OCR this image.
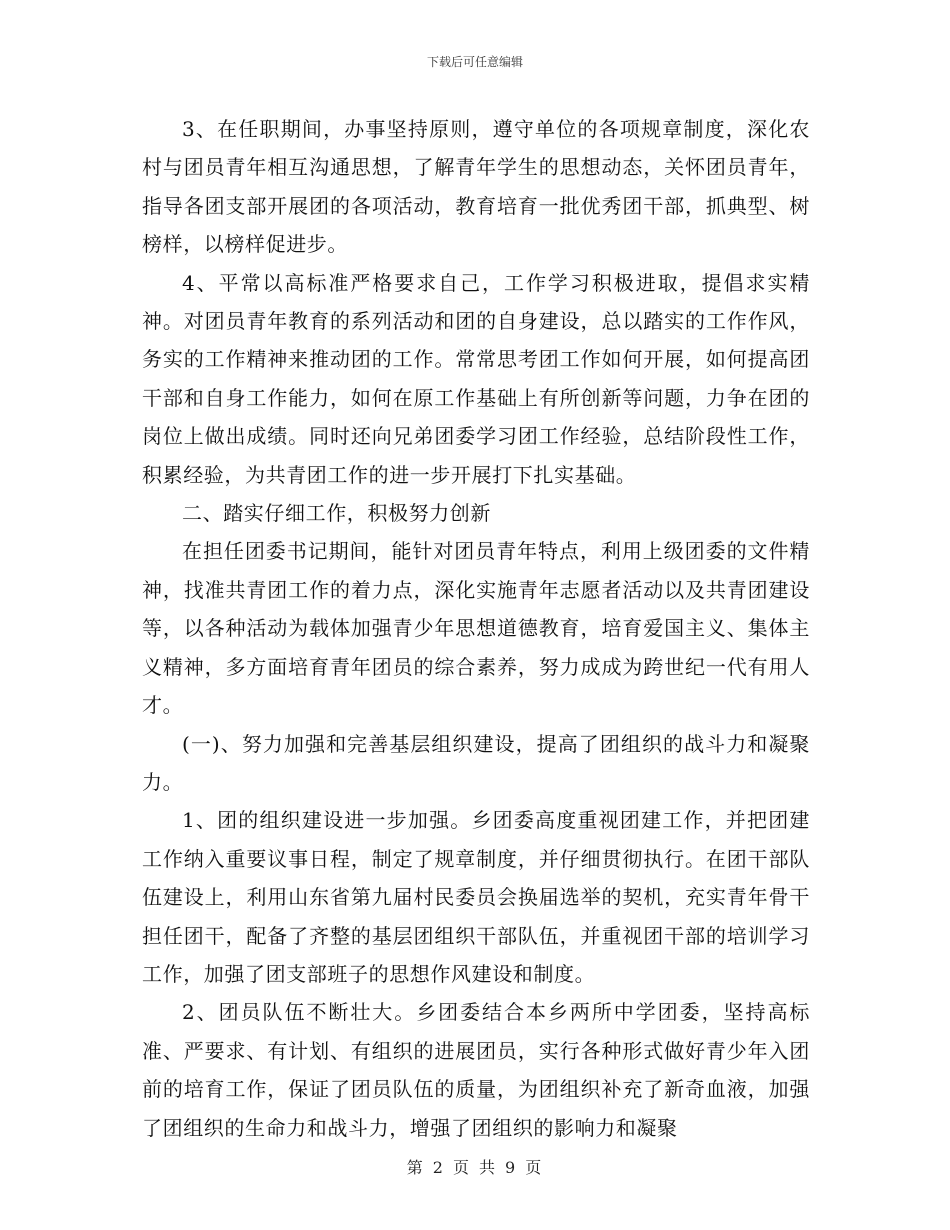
下载后可任意编辑

3、在任职期间，办事坚持原则，遵守单位的各项规章制度，深化农村与团员青年相互沟通思想，了解青年学生的思想动态，关怀团员青年，指导各团支部开展团的各项活动，教育培育一批优秀团干部，抓典型、树榜样，以榜样促进步。

4、平常以高标准严格要求自己，工作学习积极进取，提倡求实精神。对团员青年教育的系列活动和团的自身建设，总以踏实的工作作风，务实的工作精神来推动团的工作。常常思考团工作如何开展，如何提高团干部和自身工作能力，如何在原工作基础上有所创新等问题，力争在团的岗位上做出成绩。同时还向兄弟团委学习团工作经验，总结阶段性工作，积累经验，为共青团工作的进一步开展打下扎实基础。

二、踏实仔细工作，积极努力创新

在担任团委书记期间，能针对团员青年特点，利用上级团委的文件精神，找准共青团工作的着力点，深化实施青年志愿者活动以及共青团建设等，以各种活动为载体加强青少年思想道德教育，培育爱国主义、集体主义精神，多方面培育青年团员的综合素养，努力成成为跨世纪一代有用人才。

(一)、努力加强和完善基层组织建设，提高了团组织的战斗力和凝聚力。

1、团的组织建设进一步加强。乡团委高度重视团建工作，并把团建工作纳入重要议事日程，制定了规章制度，并仔细贯彻执行。在团干部队伍建设上，利用山东省第九届村民委员会换届选举的契机，充实青年骨干担任团干，配备了齐整的基层团组织干部队伍，并重视团干部的培训学习工作，加强了团支部班子的思想作风建设和制度。

2、团员队伍不断壮大。乡团委结合本乡两所中学团委，坚持高标准、严要求、有计划、有组织的进展团员，实行各种形式做好青少年入团前的培育工作，保证了团员队伍的质量，为团组织补充了新奇血液，加强了团组织的生命力和战斗力，增强了团组织的影响力和凝聚

第 2 页 共 9 页
